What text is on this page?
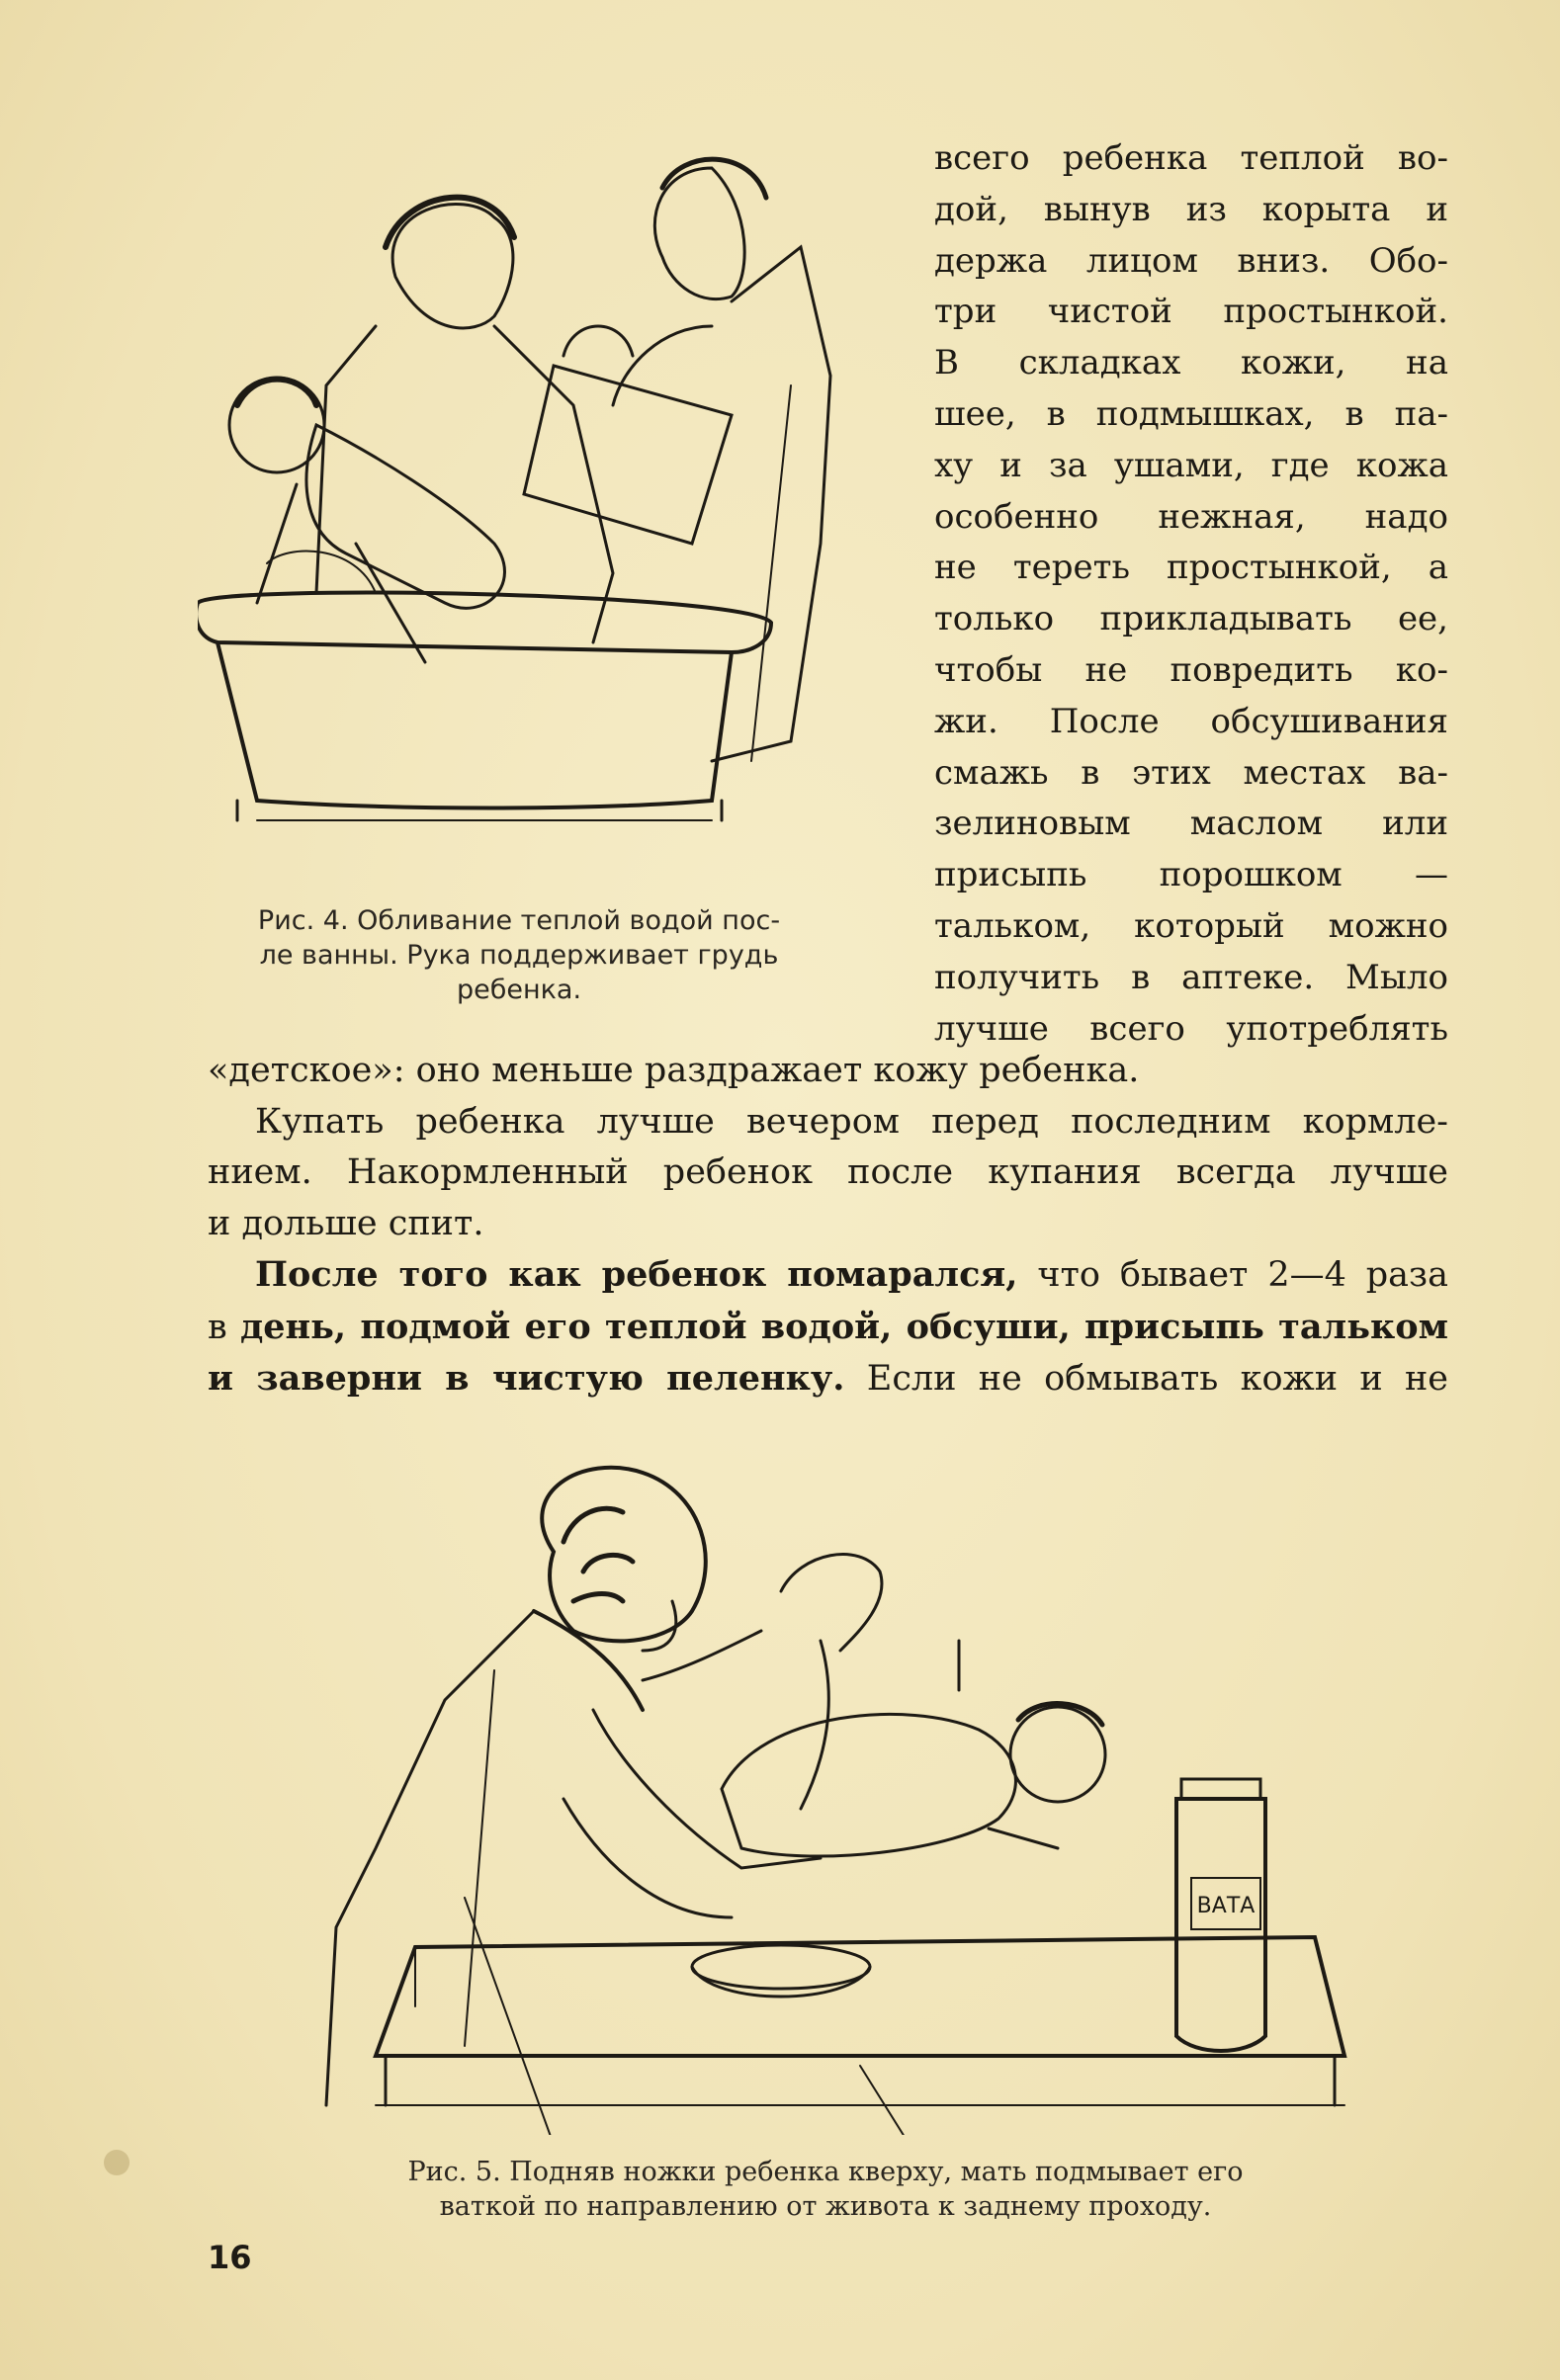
Рис. 4. Обливание теплой водой пос-
ле ванны. Рука поддерживает грудь
ребенка.
всего ребенка теплой во-
дой, вынув из корыта и
держа лицом вниз. Обо-
три чистой простынкой.
В складках кожи, на
шее, в подмышках, в па-
ху и за ушами, где кожа
особенно нежная, надо
не тереть простынкой, а
только прикладывать ее,
чтобы не повредить ко-
жи. После обсушивания
смажь в этих местах ва-
зелиновым маслом или
присыпь порошком —
тальком, который можно
получить в аптеке. Мыло
лучше всего употреблять
«детское»: оно меньше раздражает кожу ребенка.
Купать ребенка лучше вечером перед последним кормле-
нием. Накормленный ребенок после купания всегда лучше
и дольше спит.
После того как ребенок помарался, что бывает 2—4 раза
в день, подмой его теплой водой, обсуши, присыпь тальком
и заверни в чистую пеленку. Если не обмывать кожи и не
ВАТА
Рис. 5. Подняв ножки ребенка кверху, мать подмывает его
ваткой по направлению от живота к заднему проходу.
16
